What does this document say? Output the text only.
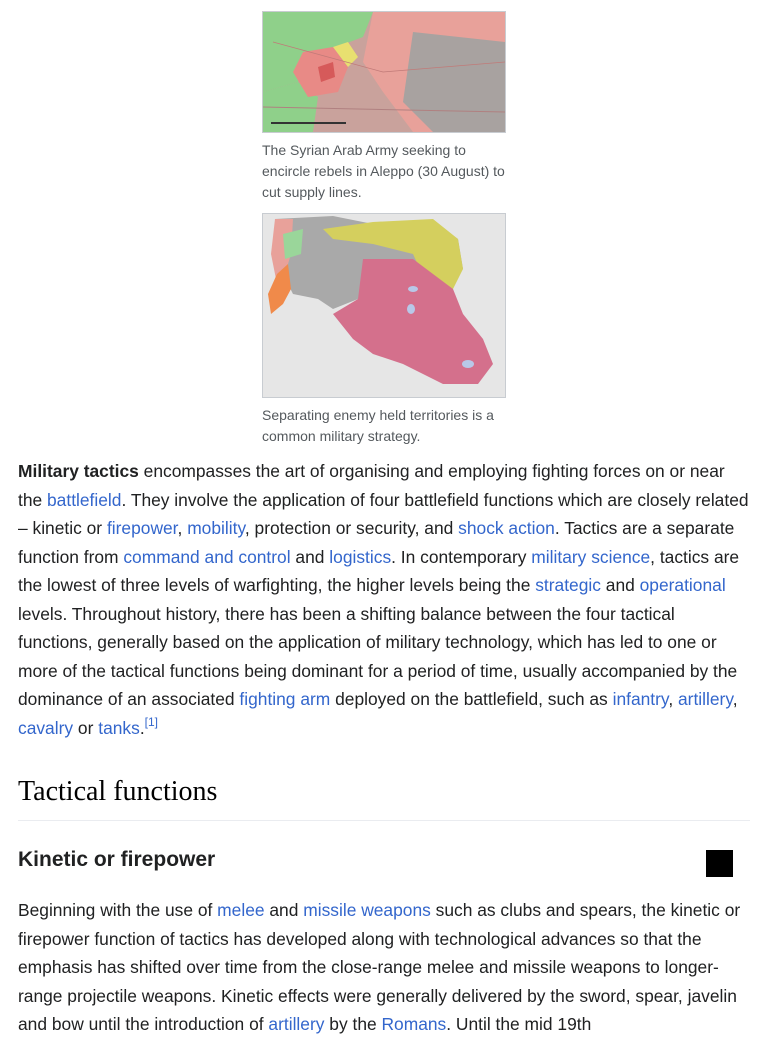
The Syrian Arab Army seeking to encircle rebels in Aleppo (30 August) to cut supply lines.
Separating enemy held territories is a common military strategy.

Military tactics encompasses the art of organising and employing fighting forces on or near the battlefield. They involve the application of four battlefield functions which are closely related – kinetic or firepower, mobility, protection or security, and shock action. Tactics are a separate function from command and control and logistics. In contemporary military science, tactics are the lowest of three levels of warfighting, the higher levels being the strategic and operational levels. Throughout history, there has been a shifting balance between the four tactical functions, generally based on the application of military technology, which has led to one or more of the tactical functions being dominant for a period of time, usually accompanied by the dominance of an associated fighting arm deployed on the battlefield, such as infantry, artillery, cavalry or tanks.[1]

Tactical functions
Kinetic or firepower

Beginning with the use of melee and missile weapons such as clubs and spears, the kinetic or firepower function of tactics has developed along with technological advances so that the emphasis has shifted over time from the close-range melee and missile weapons to longer-range projectile weapons. Kinetic effects were generally delivered by the sword, spear, javelin and bow until the introduction of artillery by the Romans. Until the mid 19th
